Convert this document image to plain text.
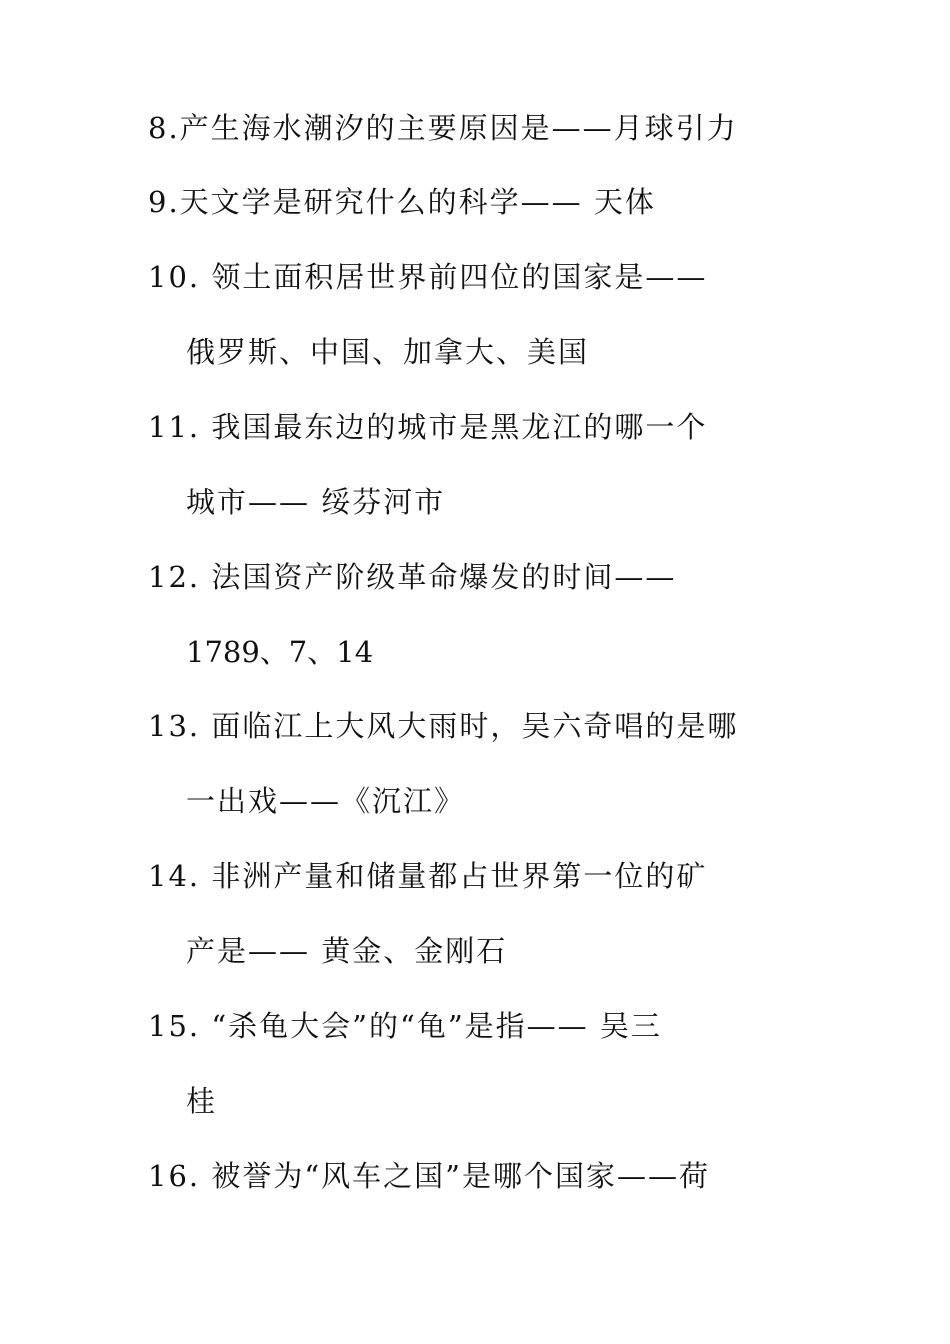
8.产生海水潮汐的主要原因是——月球引力
9.天文学是研究什么的科学—— 天体
10. 领土面积居世界前四位的国家是——
俄罗斯、中国、加拿大、美国
11. 我国最东边的城市是黑龙江的哪一个
城市—— 绥芬河市
12. 法国资产阶级革命爆发的时间——
1789、7、14
13. 面临江上大风大雨时，吴六奇唱的是哪
一出戏——《沉江》
14. 非洲产量和储量都占世界第一位的矿
产是—— 黄金、金刚石
15. “杀龟大会”的“龟”是指—— 吴三
桂
16. 被誉为“风车之国”是哪个国家——荷
